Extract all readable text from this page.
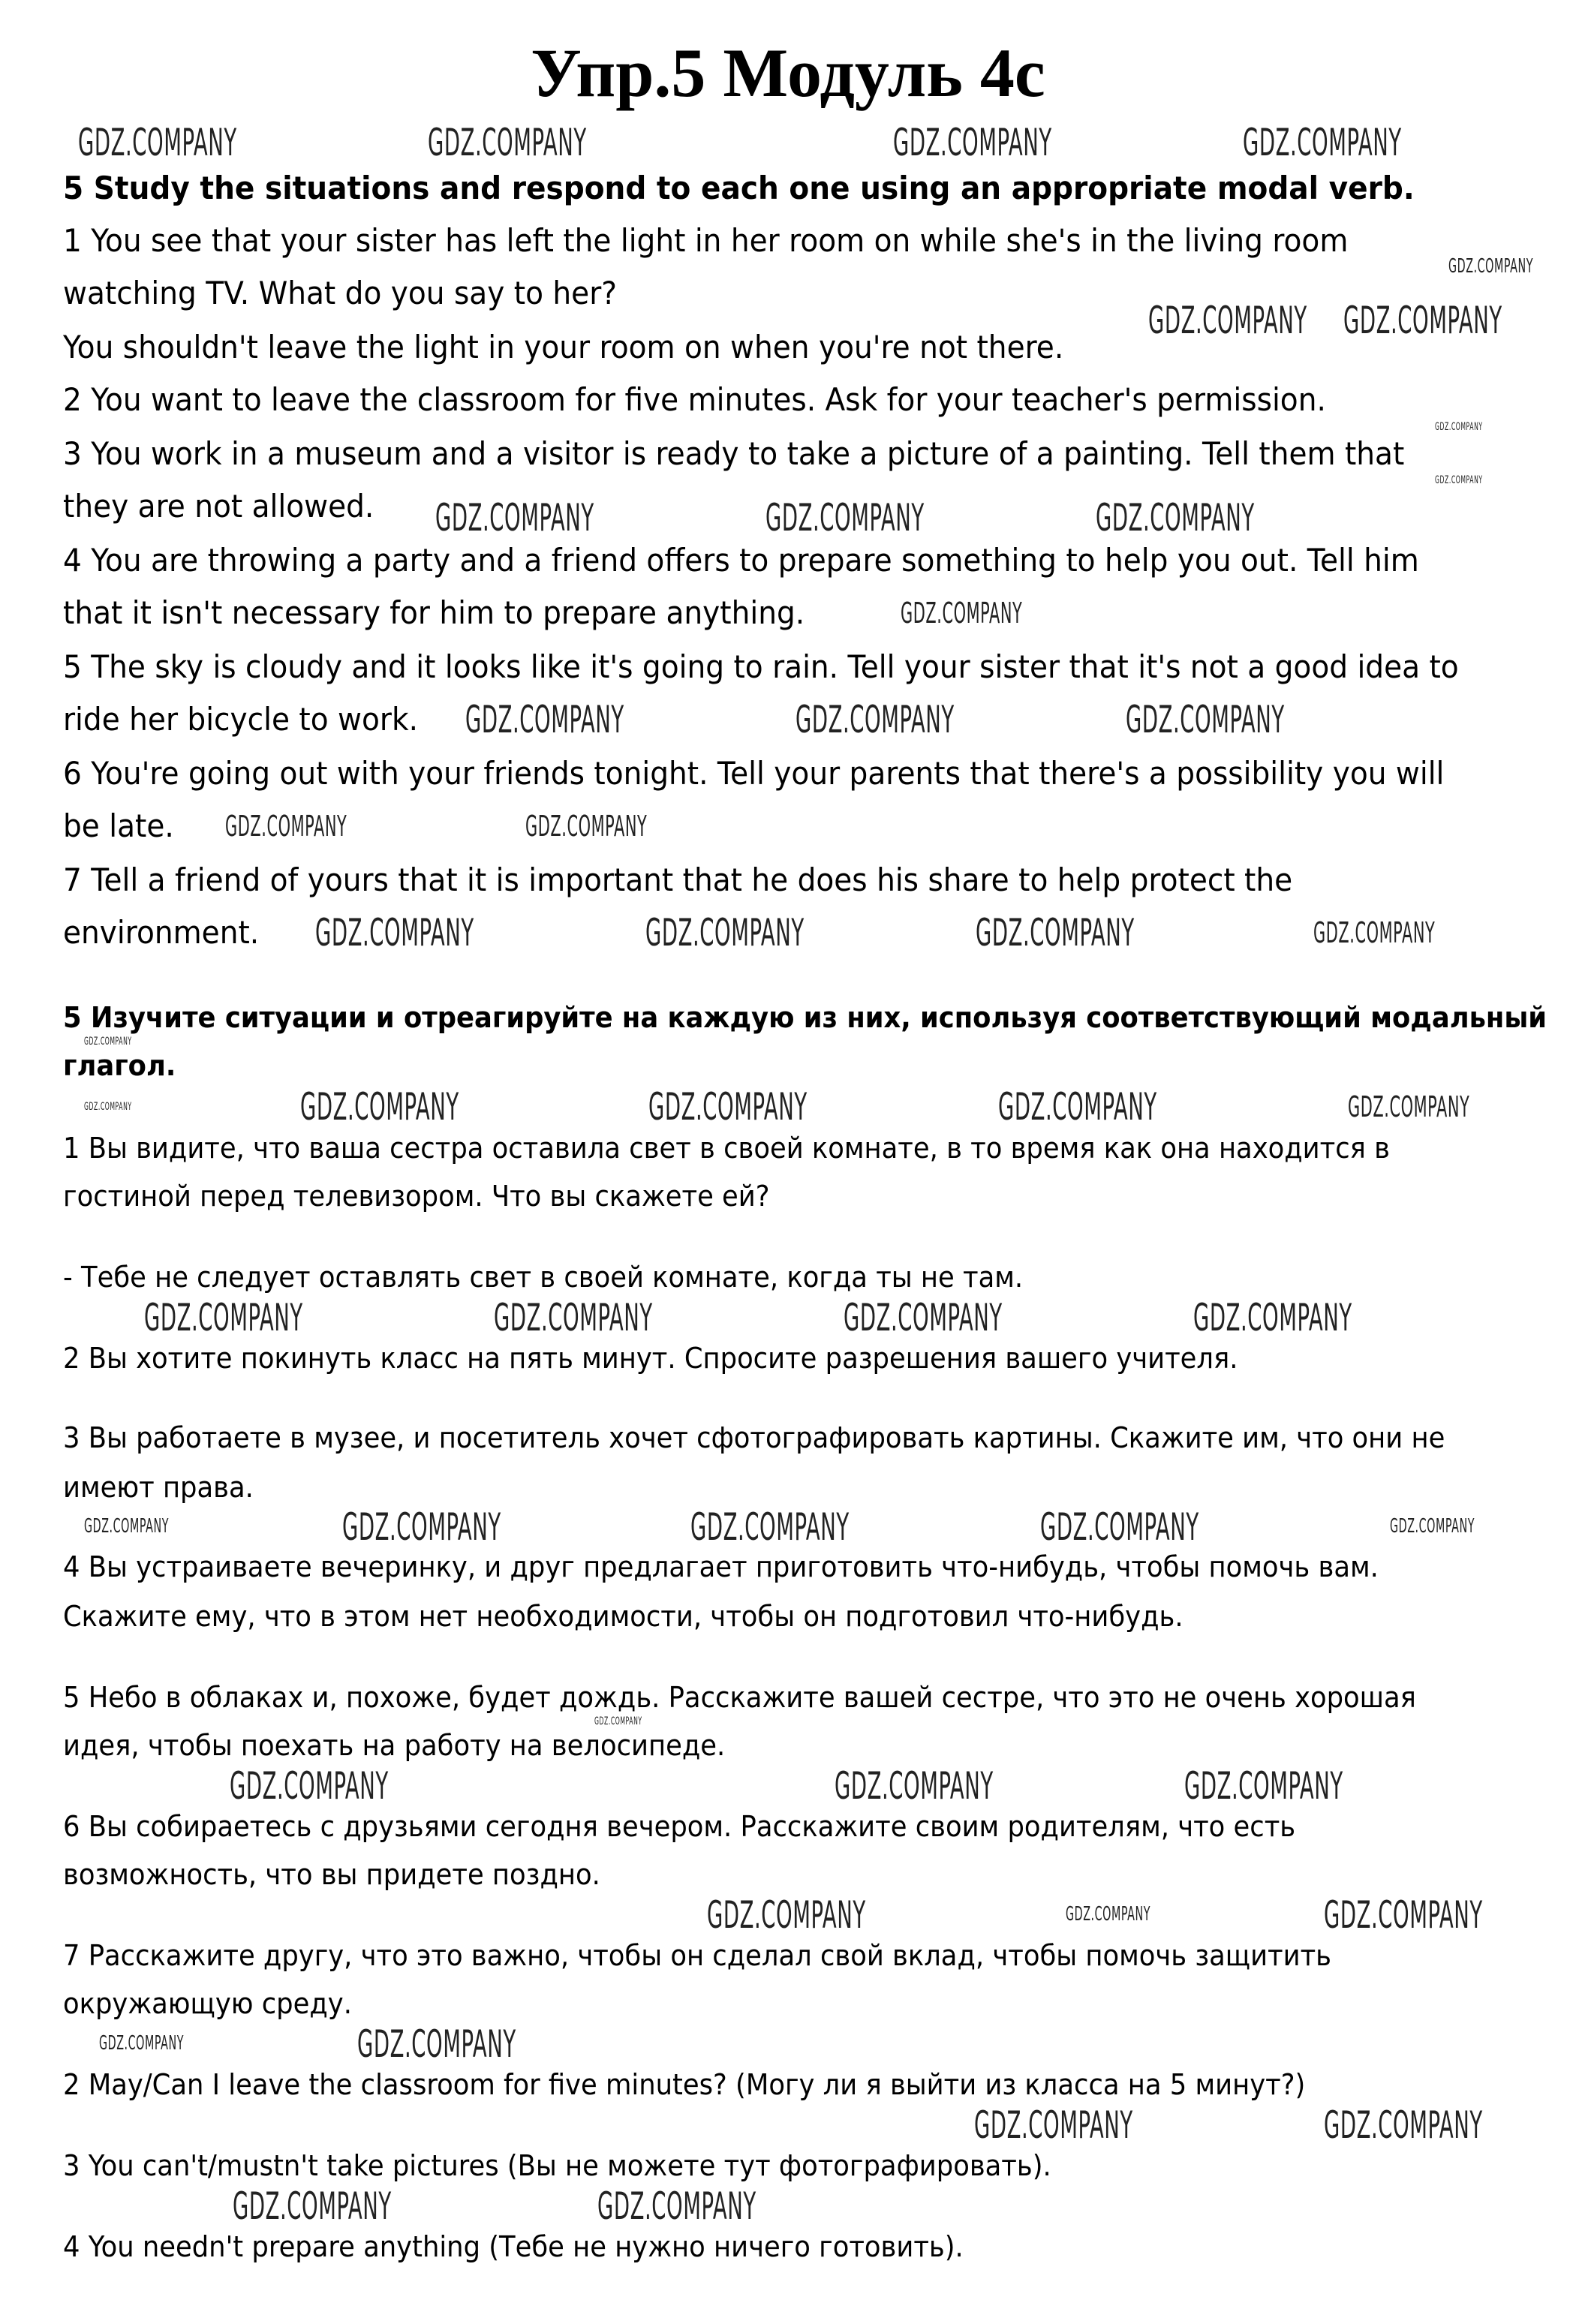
Упр.5 Модуль 4c
GDZ.COMPANY	GDZ.COMPANY	GDZ.COMPANY	GDZ.COMPANY
GDZ.COMPANY
GDZ.COMPANY GDZ.COMPANY
GDZ.COMPANY
GDZ.COMPANY
GDZ.COMPANY	GDZ.COMPANY	GDZ.COMPANY
GDZ.COMPANY
GDZ.COMPANY	GDZ.COMPANY	GDZ.COMPANY
GDZ.COMPANY	GDZ.COMPANY
GDZ.COMPANY	GDZ.COMPANY	GDZ.COMPANY	GDZ.COMPANY
GDZ.COMPANY
GDZ.COMPANY	GDZ.COMPANY	GDZ.COMPANY	GDZ.COMPANY	GDZ.COMPANY
GDZ.COMPANY	GDZ.COMPANY	GDZ.COMPANY	GDZ.COMPANY
GDZ.COMPANY	GDZ.COMPANY	GDZ.COMPANY	GDZ.COMPANY	GDZ.COMPANY
GDZ.COMPANY
GDZ.COMPANY	GDZ.COMPANY	GDZ.COMPANY
GDZ.COMPANY	GDZ.COMPANY	GDZ.COMPANY
GDZ.COMPANY	GDZ.COMPANY
GDZ.COMPANY	GDZ.COMPANY
GDZ.COMPANY	GDZ.COMPANY
5 Study the situations and respond to each one using an appropriate modal verb.
1 You see that your sister has left the light in her room on while she's in the living room
watching TV. What do you say to her?
You shouldn't leave the light in your room on when you're not there.
2 You want to leave the classroom for five minutes. Ask for your teacher's permission.
3 You work in a museum and a visitor is ready to take a picture of a painting. Tell them that
they are not allowed.
4 You are throwing a party and a friend offers to prepare something to help you out. Tell him
that it isn't necessary for him to prepare anything.
5 The sky is cloudy and it looks like it's going to rain. Tell your sister that it's not a good idea to
ride her bicycle to work.
6 You're going out with your friends tonight. Tell your parents that there's a possibility you will
be late.
7 Tell a friend of yours that it is important that he does his share to help protect the
environment.
5 Изучите ситуации и отреагируйте на каждую из них, используя соответствующий модальный
глагол.
1 Вы видите, что ваша сестра оставила свет в своей комнате, в то время как она находится в
гостиной перед телевизором. Что вы скажете ей?
- Тебе не следует оставлять свет в своей комнате, когда ты не там.
2 Вы хотите покинуть класс на пять минут. Спросите разрешения вашего учителя.
3 Вы работаете в музее, и посетитель хочет сфотографировать картины. Скажите им, что они не
имеют права.
4 Вы устраиваете вечеринку, и друг предлагает приготовить что-нибудь, чтобы помочь вам.
Скажите ему, что в этом нет необходимости, чтобы он подготовил что-нибудь.
5 Небо в облаках и, похоже, будет дождь. Расскажите вашей сестре, что это не очень хорошая
идея, чтобы поехать на работу на велосипеде.
6 Вы собираетесь с друзьями сегодня вечером. Расскажите своим родителям, что есть
возможность, что вы придете поздно.
7 Расскажите другу, что это важно, чтобы он сделал свой вклад, чтобы помочь защитить
окружающую среду.
2 May/Can I leave the classroom for five minutes? (Могу ли я выйти из класса на 5 минут?)
3 You can't/mustn't take pictures (Вы не можете тут фотографировать).
4 You needn't prepare anything (Тебе не нужно ничего готовить).
